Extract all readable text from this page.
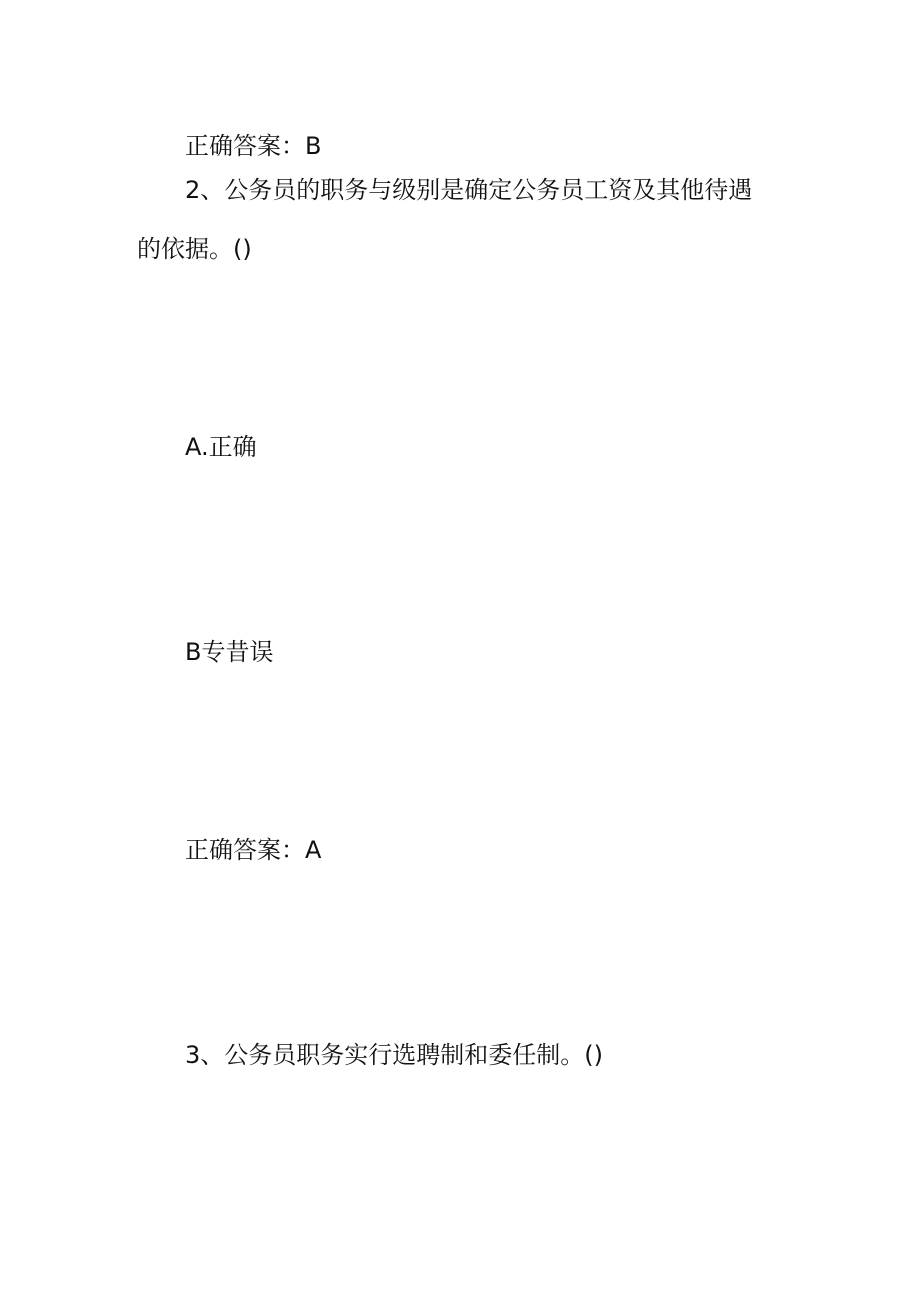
正确答案：B
2、公务员的职务与级别是确定公务员工资及其他待遇
的依据。()
A.正确
B专昔误
正确答案：A
3、公务员职务实行选聘制和委任制。()
